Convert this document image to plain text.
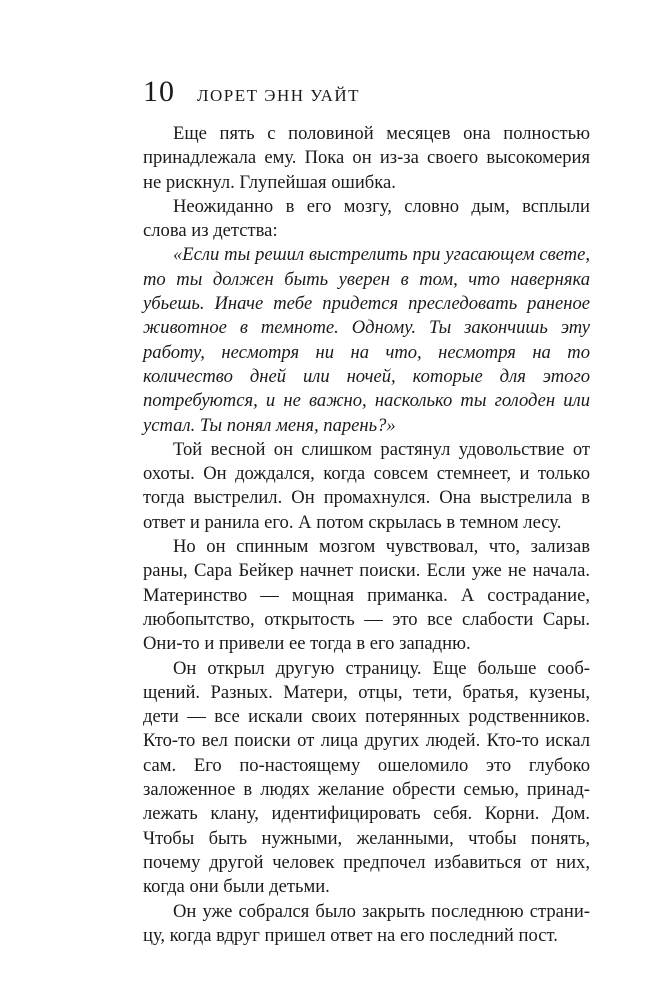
10 ЛОРЕТ ЭНН УАЙТ

Еще пять с половиной месяцев она полностью принадлежала ему. Пока он из-за своего высокомерия не рискнул. Глупейшая ошибка.

Неожиданно в его мозгу, словно дым, всплыли слова из детства:

«Если ты решил выстрелить при угасающем свете, то ты должен быть уверен в том, что наверняка убьешь. Иначе тебе придется преследовать раненое животное в темноте. Одному. Ты закончишь эту работу, несмотря ни на что, несмотря на то количество дней или ночей, которые для этого потребуются, и не важно, насколько ты голоден или устал. Ты понял меня, парень?»

Той весной он слишком растянул удовольствие от охоты. Он дождался, когда совсем стемнеет, и только тогда выстрелил. Он промахнулся. Она выстрелила в ответ и ранила его. А потом скрылась в темном лесу.

Но он спинным мозгом чувствовал, что, зализав раны, Сара Бейкер начнет поиски. Если уже не начала. Материнство — мощная приманка. А сострадание, любопытство, открытость — это все слабости Сары. Они-то и привели ее тогда в его западню.

Он открыл другую страницу. Еще больше сообщений. Разных. Матери, отцы, тети, братья, кузены, дети — все искали своих потерянных родственников. Кто-то вел поиски от лица других людей. Кто-то искал сам. Его по-настоящему ошеломило это глубоко заложенное в людях желание обрести семью, принадлежать клану, идентифицировать себя. Корни. Дом. Чтобы быть нужными, желанными, чтобы понять, почему другой человек предпочел избавиться от них, когда они были детьми.

Он уже собрался было закрыть последнюю страницу, когда вдруг пришел ответ на его последний пост.
